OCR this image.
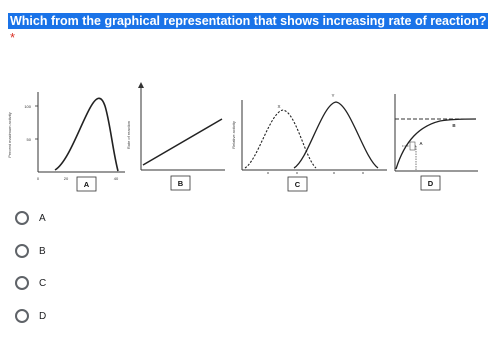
Which from the graphical representation that shows increasing rate of reaction?
*
Percent maximum activity
100
50
0	20	40
A
Rate of reaction
B
Relative activity
X
Y
C
B
A
D
A
B
C
D
